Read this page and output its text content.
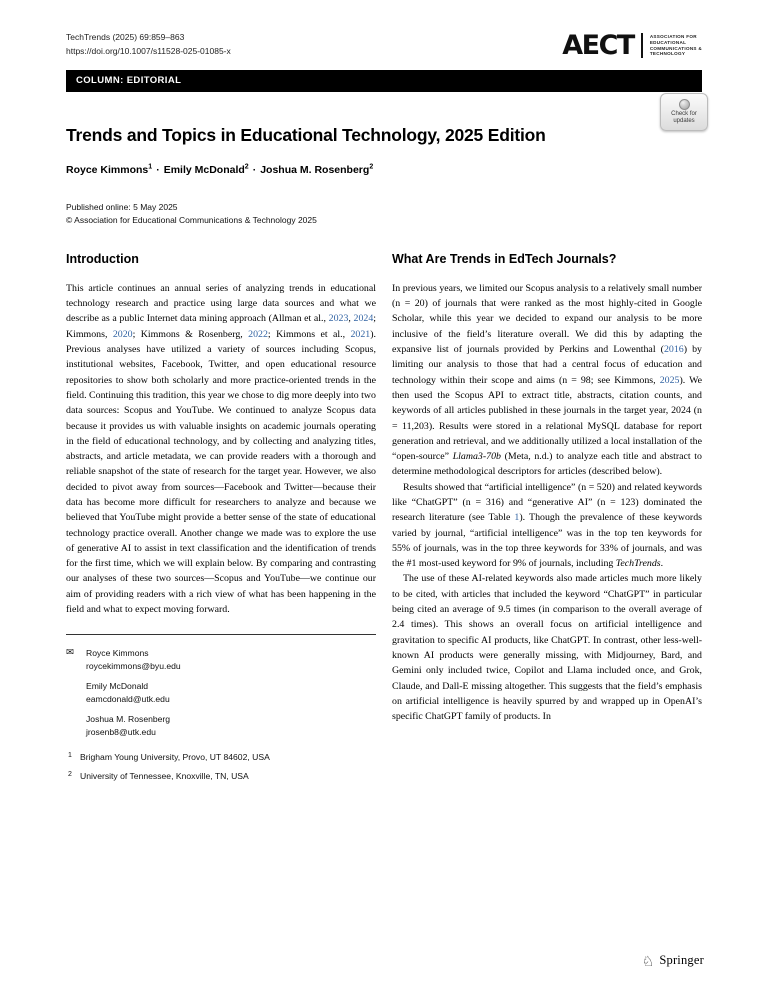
TechTrends (2025) 69:859–863
https://doi.org/10.1007/s11528-025-01085-x	AECT	ASSOCIATION FOR
EDUCATIONAL
COMMUNICATIONS &
TECHNOLOGY
COLUMN: EDITORIAL
Check for
updates
Trends and Topics in Educational Technology, 2025 Edition
Royce Kimmons$^1$ · Emily McDonald$^2$ · Joshua M. Rosenberg$^2$
Published online: 5 May 2025
© Association for Educational Communications & Technology 2025
Introduction

This article continues an annual series of analyzing trends in educational technology research and practice using large data sources and what we describe as a public Internet data mining approach (Allman et al., 2023, 2024; Kimmons, 2020; Kimmons & Rosenberg, 2022; Kimmons et al., 2021). Previous analyses have utilized a variety of sources including Scopus, institutional websites, Facebook, Twitter, and open educational resource repositories to show both scholarly and more practice-oriented trends in the field. Continuing this tradition, this year we chose to dig more deeply into two data sources: Scopus and YouTube. We continued to analyze Scopus data because it provides us with valuable insights on academic journals operating in the field of educational technology, and by collecting and analyzing titles, abstracts, and article metadata, we can provide readers with a thorough and reliable snapshot of the state of research for the target year. However, we also decided to pivot away from sources—Facebook and Twitter—because their data has become more difficult for researchers to analyze and because we believed that YouTube might provide a better sense of the state of educational technology practice overall. Another change we made was to explore the use of generative AI to assist in text classification and the identification of trends for the first time, which we will explain below. By comparing and contrasting our analyses of these two sources—Scopus and YouTube—we continue our aim of providing readers with a rich view of what has been happening in the field and what to expect moving forward.

✉ Royce Kimmons
roycekimmons@byu.edu
Emily McDonald
eamcdonald@utk.edu
Joshua M. Rosenberg
jrosenb8@utk.edu
1 Brigham Young University, Provo, UT 84602, USA
2 University of Tennessee, Knoxville, TN, USA
What Are Trends in EdTech Journals?

In previous years, we limited our Scopus analysis to a relatively small number (n = 20) of journals that were ranked as the most highly-cited in Google Scholar, while this year we decided to expand our analysis to be more inclusive of the field’s literature overall. We did this by adapting the expansive list of journals provided by Perkins and Lowenthal (2016) by limiting our analysis to those that had a central focus of education and technology within their scope and aims (n = 98; see Kimmons, 2025). We then used the Scopus API to extract title, abstracts, citation counts, and keywords of all articles published in these journals in the target year, 2024 (n = 11,203). Results were stored in a relational MySQL database for report generation and retrieval, and we additionally utilized a local installation of the “open-source” Llama3-70b (Meta, n.d.) to analyze each title and abstract to determine methodological descriptors for articles (described below).

Results showed that “artificial intelligence” (n = 520) and related keywords like “ChatGPT” (n = 316) and “generative AI” (n = 123) dominated the research literature (see Table 1). Though the prevalence of these keywords varied by journal, “artificial intelligence” was in the top ten keywords for 55% of journals, was in the top three keywords for 33% of journals, and was the #1 most-used keyword for 9% of journals, including TechTrends.

The use of these AI-related keywords also made articles much more likely to be cited, with articles that included the keyword “ChatGPT” in particular being cited an average of 9.5 times (in comparison to the overall average of 2.4 times). This shows an overall focus on artificial intelligence and gravitation to specific AI products, like ChatGPT. In contrast, other less-well-known AI products were generally missing, with Midjourney, Bard, and Gemini only included twice, Copilot and Llama included once, and Grok, Claude, and Dall-E missing altogether. This suggests that the field’s emphasis on artificial intelligence is heavily spurred by and wrapped up in OpenAI’s specific ChatGPT family of products. In

♘ Springer
